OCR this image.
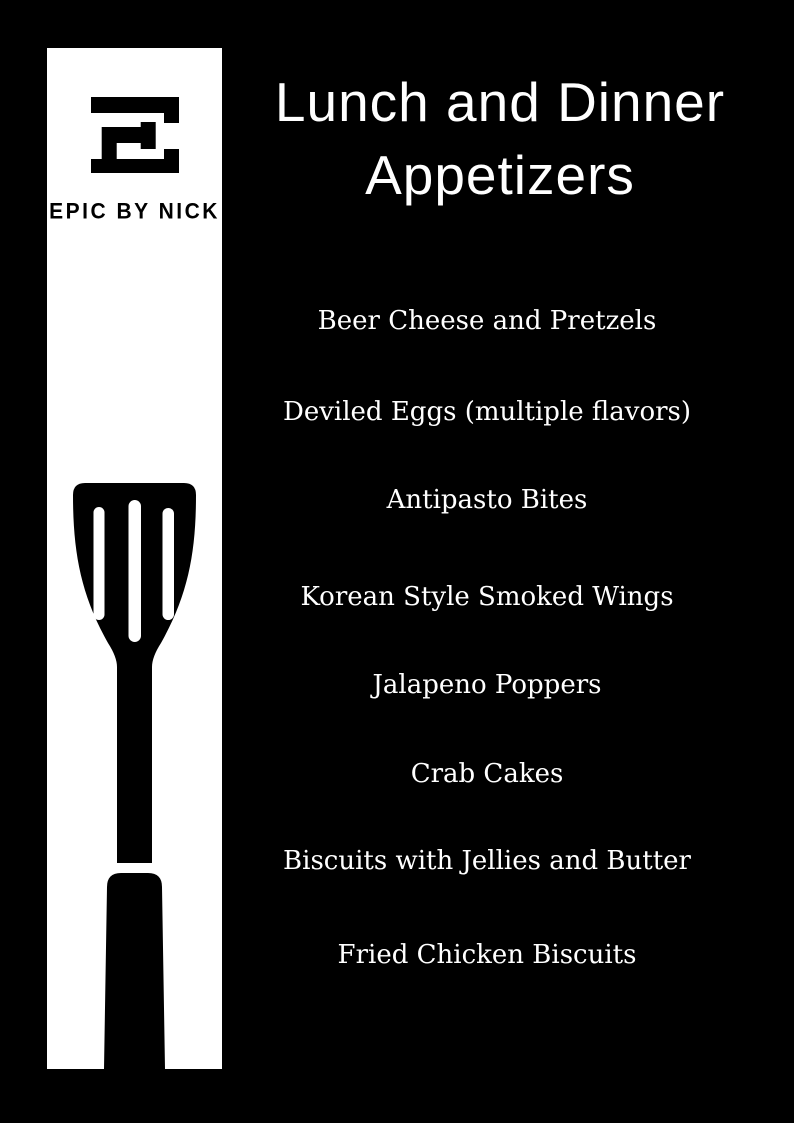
EPIC BY NICK
Lunch and Dinner
Appetizers
Beer Cheese and Pretzels
Deviled Eggs (multiple flavors)
Antipasto Bites
Korean Style Smoked Wings
Jalapeno Poppers
Crab Cakes
Biscuits with Jellies and Butter
Fried Chicken Biscuits
